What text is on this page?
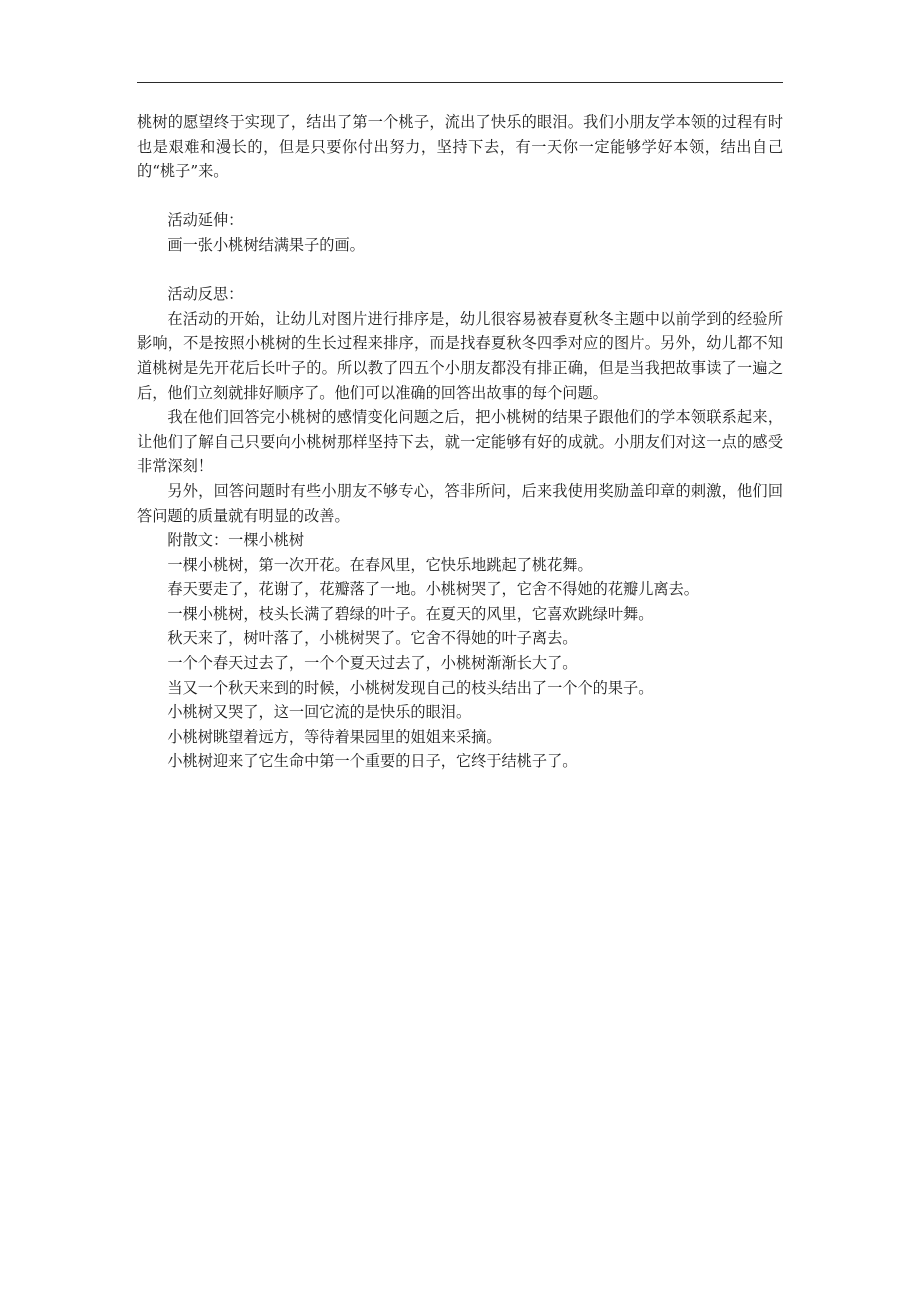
桃树的愿望终于实现了，结出了第一个桃子，流出了快乐的眼泪。我们小朋友学本领的过程有时也是艰难和漫长的，但是只要你付出努力，坚持下去，有一天你一定能够学好本领，结出自己的“桃子”来。

活动延伸：

画一张小桃树结满果子的画。

活动反思：

在活动的开始，让幼儿对图片进行排序是，幼儿很容易被春夏秋冬主题中以前学到的经验所影响，不是按照小桃树的生长过程来排序，而是找春夏秋冬四季对应的图片。另外，幼儿都不知道桃树是先开花后长叶子的。所以教了四五个小朋友都没有排正确，但是当我把故事读了一遍之后，他们立刻就排好顺序了。他们可以准确的回答出故事的每个问题。

我在他们回答完小桃树的感情变化问题之后，把小桃树的结果子跟他们的学本领联系起来，让他们了解自己只要向小桃树那样坚持下去，就一定能够有好的成就。小朋友们对这一点的感受非常深刻！

另外，回答问题时有些小朋友不够专心，答非所问，后来我使用奖励盖印章的刺激，他们回答问题的质量就有明显的改善。

附散文：一棵小桃树

一棵小桃树，第一次开花。在春风里，它快乐地跳起了桃花舞。

春天要走了，花谢了，花瓣落了一地。小桃树哭了，它舍不得她的花瓣儿离去。

一棵小桃树，枝头长满了碧绿的叶子。在夏天的风里，它喜欢跳绿叶舞。

秋天来了，树叶落了，小桃树哭了。它舍不得她的叶子离去。

一个个春天过去了，一个个夏天过去了，小桃树渐渐长大了。

当又一个秋天来到的时候，小桃树发现自己的枝头结出了一个个的果子。

小桃树又哭了，这一回它流的是快乐的眼泪。

小桃树眺望着远方，等待着果园里的姐姐来采摘。

小桃树迎来了它生命中第一个重要的日子，它终于结桃子了。
